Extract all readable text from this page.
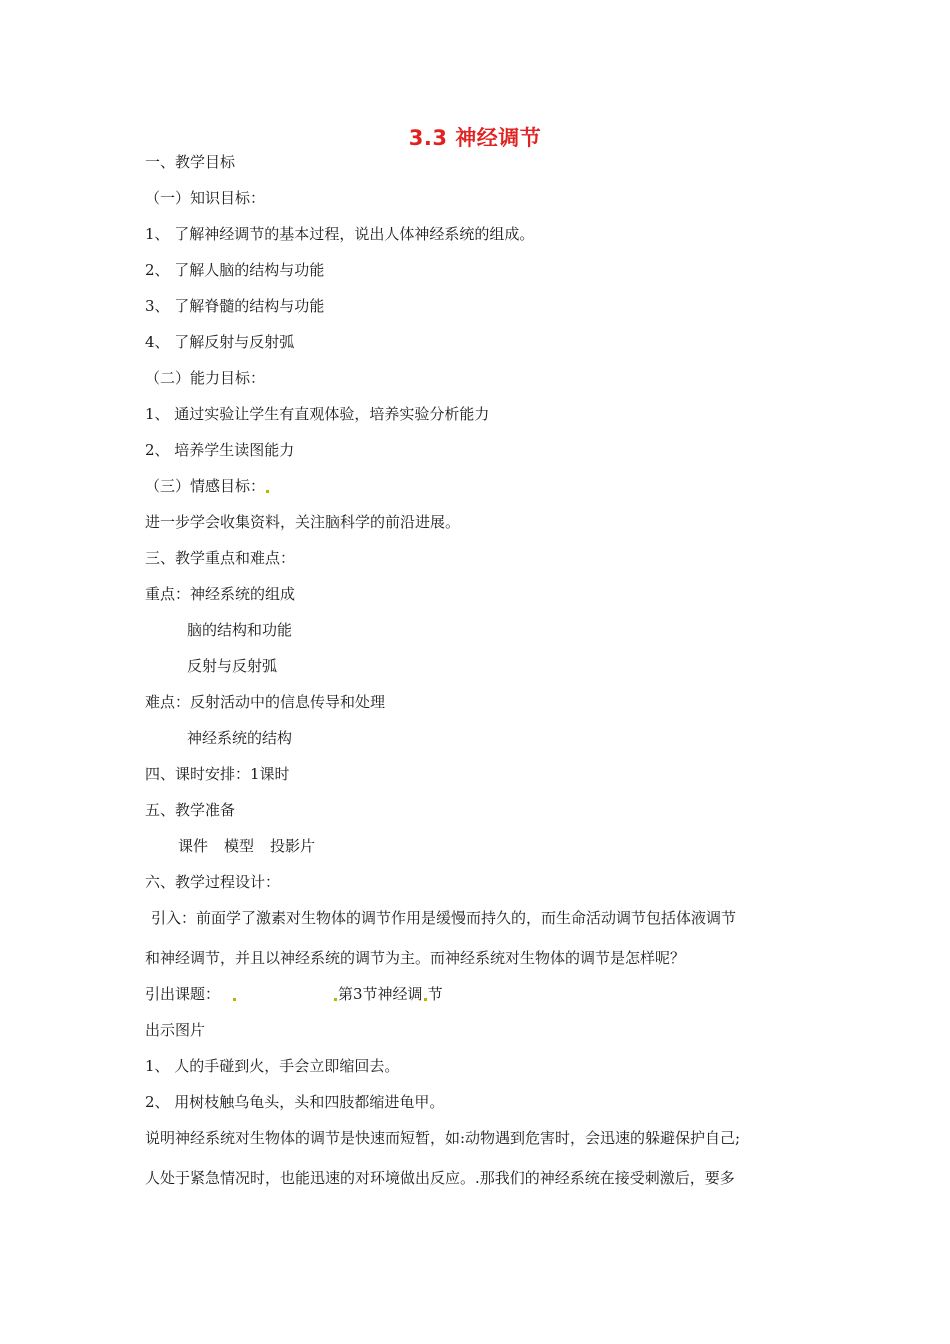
3.3 神经调节
一、教学目标
（一）知识目标：
1、 了解神经调节的基本过程，说出人体神经系统的组成。
2、 了解人脑的结构与功能
3、 了解脊髓的结构与功能
4、 了解反射与反射弧
（二）能力目标：
1、 通过实验让学生有直观体验，培养实验分析能力
2、 培养学生读图能力
（三）情感目标：
进一步学会收集资料，关注脑科学的前沿进展。
三、教学重点和难点：
重点：神经系统的组成
脑的结构和功能
反射与反射弧
难点：反射活动中的信息传导和处理
神经系统的结构
四、课时安排：1课时
五、教学准备
课件 模型 投影片
六、教学过程设计：
引入：前面学了激素对生物体的调节作用是缓慢而持久的，而生命活动调节包括体液调节
和神经调节，并且以神经系统的调节为主。而神经系统对生物体的调节是怎样呢？
引出课题：	第3节神经调 节
出示图片
1、 人的手碰到火，手会立即缩回去。
2、 用树枝触乌龟头，头和四肢都缩进龟甲。
说明神经系统对生物体的调节是快速而短暂，如:动物遇到危害时，会迅速的躲避保护自己;
人处于紧急情况时，也能迅速的对环境做出反应。.那我们的神经系统在接受刺激后，要多
